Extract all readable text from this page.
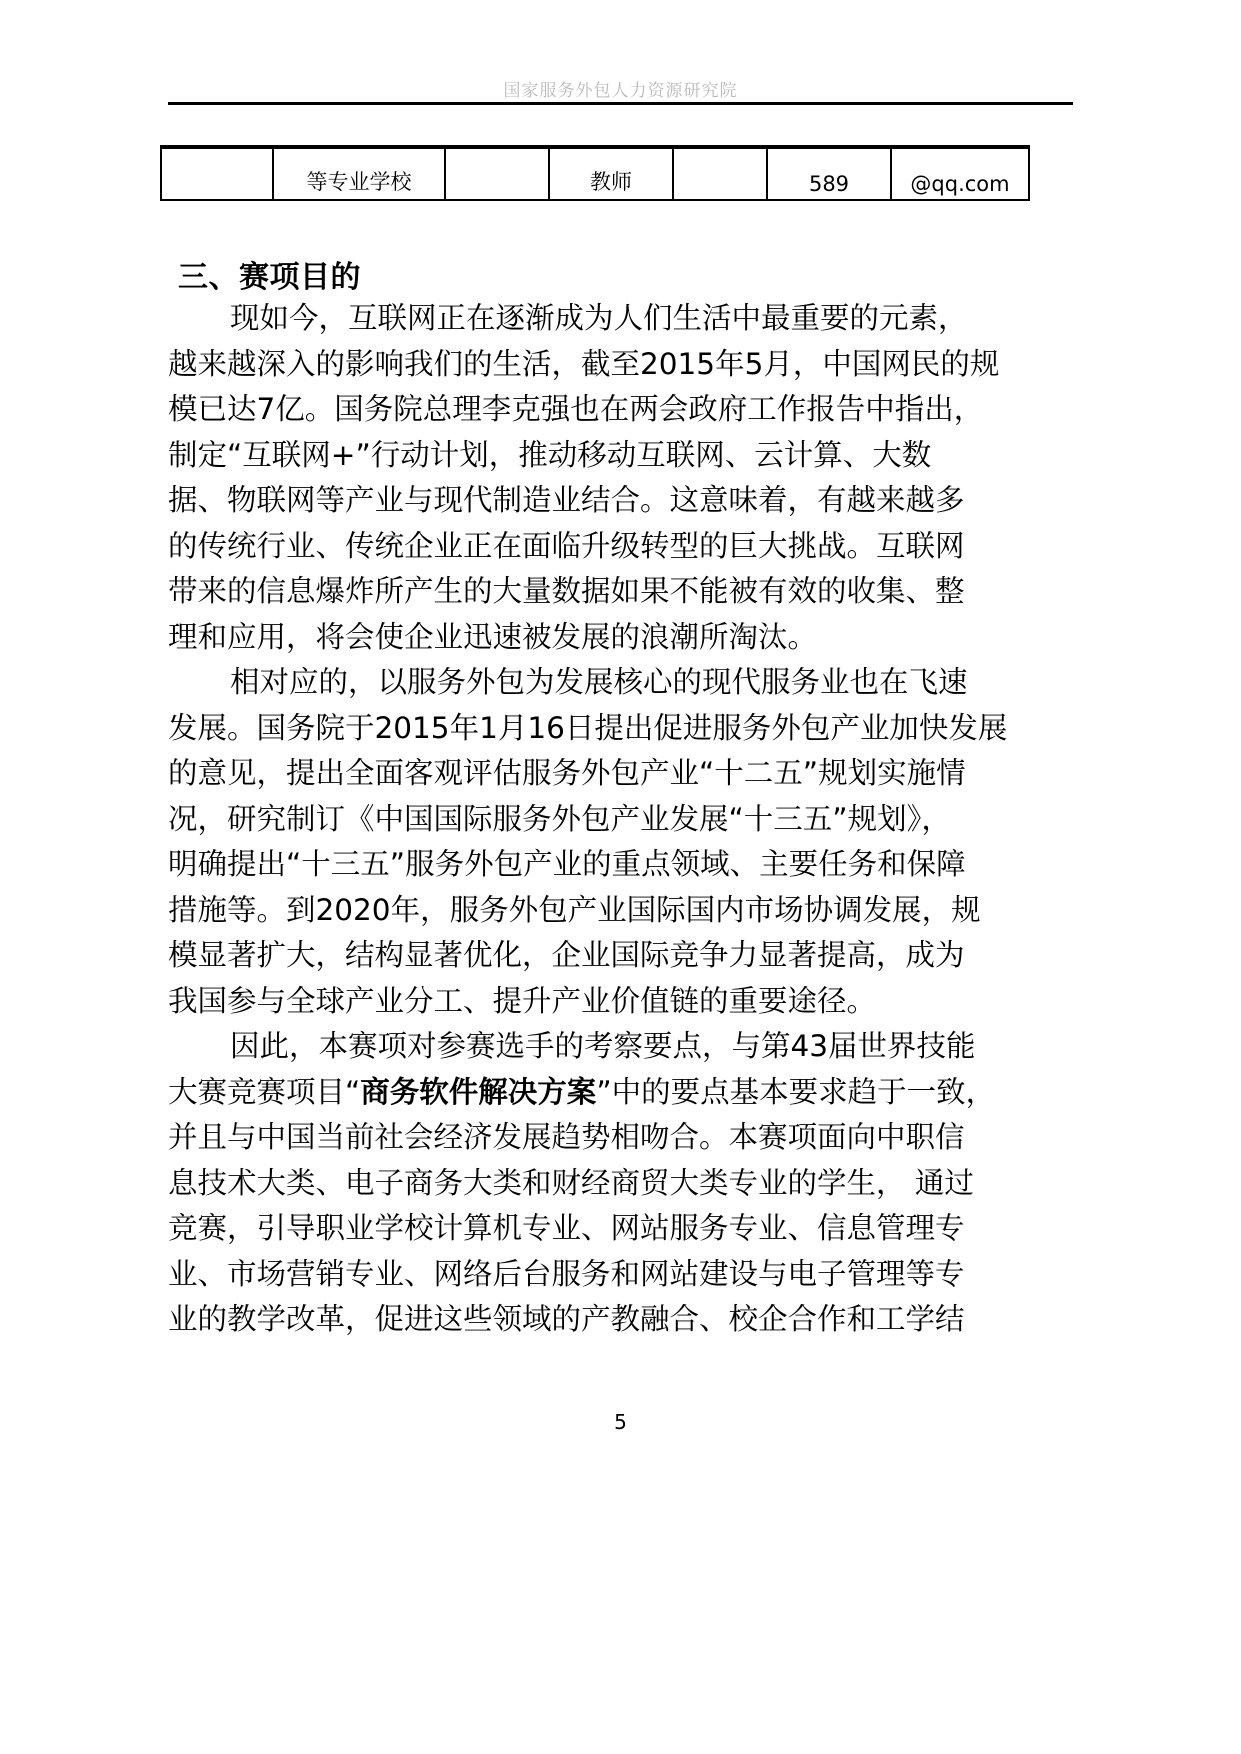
国家服务外包人力资源研究院
	等专业学校		教师		589	@qq.com
三、赛项目的
现如今，互联网正在逐渐成为人们生活中最重要的元素，
越来越深入的影响我们的生活，截至2015年5月，中国网民的规
模已达7亿。国务院总理李克强也在两会政府工作报告中指出，
制定“互联网+”行动计划，推动移动互联网、云计算、大数
据、物联网等产业与现代制造业结合。这意味着，有越来越多
的传统行业、传统企业正在面临升级转型的巨大挑战。互联网
带来的信息爆炸所产生的大量数据如果不能被有效的收集、整
理和应用，将会使企业迅速被发展的浪潮所淘汰。
相对应的，以服务外包为发展核心的现代服务业也在飞速
发展。国务院于2015年1月16日提出促进服务外包产业加快发展
的意见，提出全面客观评估服务外包产业“十二五”规划实施情
况，研究制订《中国国际服务外包产业发展“十三五”规划》，
明确提出“十三五”服务外包产业的重点领域、主要任务和保障
措施等。到2020年，服务外包产业国际国内市场协调发展，规
模显著扩大，结构显著优化，企业国际竞争力显著提高，成为
我国参与全球产业分工、提升产业价值链的重要途径。
因此，本赛项对参赛选手的考察要点，与第43届世界技能
大赛竞赛项目“商务软件解决方案”中的要点基本要求趋于一致，
并且与中国当前社会经济发展趋势相吻合。本赛项面向中职信
息技术大类、电子商务大类和财经商贸大类专业的学生， 通过
竞赛，引导职业学校计算机专业、网站服务专业、信息管理专
业、市场营销专业、网络后台服务和网站建设与电子管理等专
业的教学改革，促进这些领域的产教融合、校企合作和工学结
5
